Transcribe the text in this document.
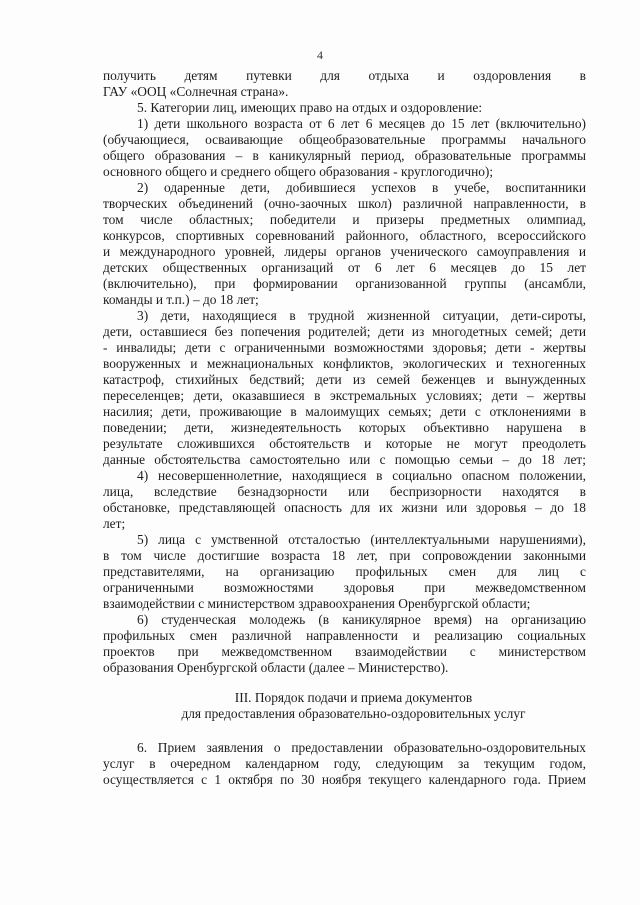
4
получить детям путевки для отдыха и оздоровления в
ГАУ «ООЦ «Солнечная страна».
5. Категории лиц, имеющих право на отдых и оздоровление:
1) дети школьного возраста от 6 лет 6 месяцев до 15 лет (включительно)
(обучающиеся, осваивающие общеобразовательные программы начального
общего образования – в каникулярный период, образовательные программы
основного общего и среднего общего образования - круглогодично);
2) одаренные дети, добившиеся успехов в учебе, воспитанники
творческих объединений (очно-заочных школ) различной направленности, в
том числе областных; победители и призеры предметных олимпиад,
конкурсов, спортивных соревнований районного, областного, всероссийского
и международного уровней, лидеры органов ученического самоуправления и
детских общественных организаций от 6 лет 6 месяцев до 15 лет
(включительно), при формировании организованной группы (ансамбли,
команды и т.п.) – до 18 лет;
3) дети, находящиеся в трудной жизненной ситуации, дети-сироты,
дети, оставшиеся без попечения родителей; дети из многодетных семей; дети
- инвалиды; дети с ограниченными возможностями здоровья; дети - жертвы
вооруженных и межнациональных конфликтов, экологических и техногенных
катастроф, стихийных бедствий; дети из семей беженцев и вынужденных
переселенцев; дети, оказавшиеся в экстремальных условиях; дети – жертвы
насилия; дети, проживающие в малоимущих семьях; дети с отклонениями в
поведении; дети, жизнедеятельность которых объективно нарушена в
результате сложившихся обстоятельств и которые не могут преодолеть
данные обстоятельства самостоятельно или с помощью семьи – до 18 лет;
4) несовершеннолетние, находящиеся в социально опасном положении,
лица, вследствие безнадзорности или беспризорности находятся в
обстановке, представляющей опасность для их жизни или здоровья – до 18
лет;
5) лица с умственной отсталостью (интеллектуальными нарушениями),
в том числе достигшие возраста 18 лет, при сопровождении законными
представителями, на организацию профильных смен для лиц с
ограниченными возможностями здоровья при межведомственном
взаимодействии с министерством здравоохранения Оренбургской области;
6) студенческая молодежь (в каникулярное время) на организацию
профильных смен различной направленности и реализацию социальных
проектов при межведомственном взаимодействии с министерством
образования Оренбургской области (далее – Министерство).
III. Порядок подачи и приема документов
для предоставления образовательно-оздоровительных услуг
6. Прием заявления о предоставлении образовательно-оздоровительных
услуг в очередном календарном году, следующим за текущим годом,
осуществляется с 1 октября по 30 ноября текущего календарного года. Прием
